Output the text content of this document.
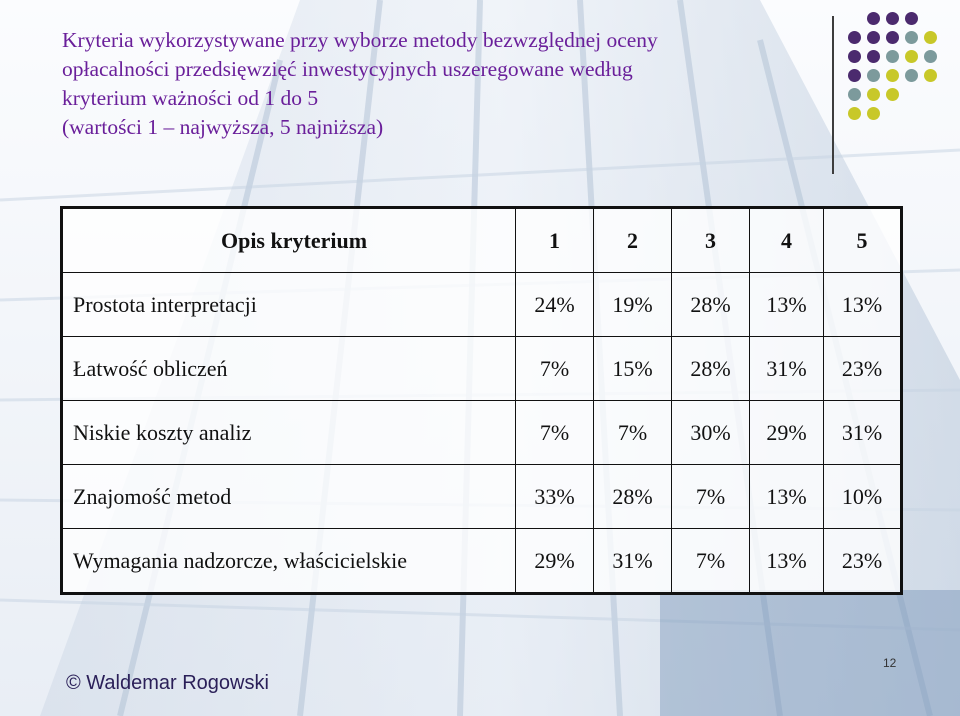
Kryteria wykorzystywane przy wyborze metody bezwzględnej oceny
opłacalności przedsięwzięć inwestycyjnych uszeregowane według
kryterium ważności od 1 do 5
(wartości 1 – najwyższa, 5 najniższa)
Opis kryterium	1	2	3	4	5
Prostota interpretacji	24%	19%	28%	13%	13%
Łatwość obliczeń	7%	15%	28%	31%	23%
Niskie koszty analiz	7%	7%	30%	29%	31%
Znajomość metod	33%	28%	7%	13%	10%
Wymagania nadzorcze, właścicielskie	29%	31%	7%	13%	23%
© Waldemar Rogowski
12
